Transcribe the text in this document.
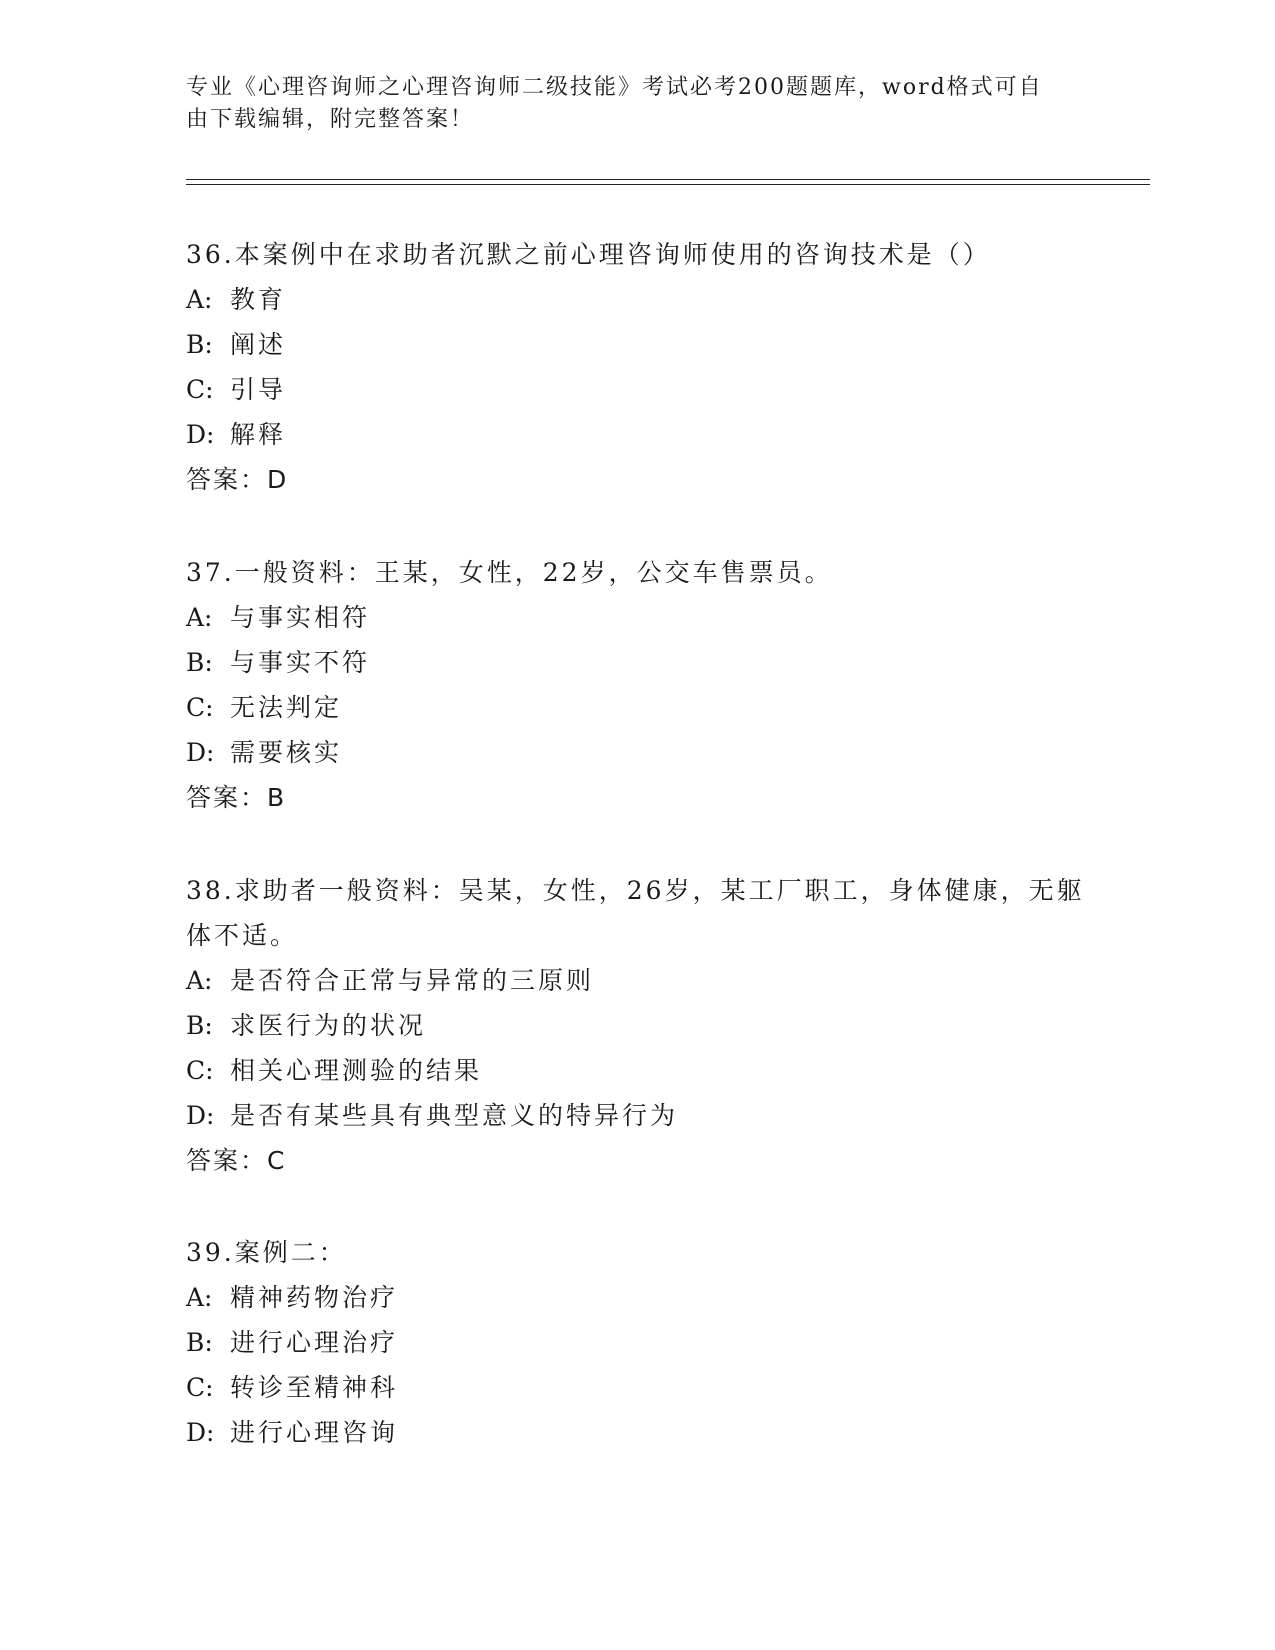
专业《心理咨询师之心理咨询师二级技能》考试必考200题题库，word格式可自
由下载编辑，附完整答案！
36.本案例中在求助者沉默之前心理咨询师使用的咨询技术是（）
A: 教育
B: 阐述
C: 引导
D: 解释
答案：D
37.一般资料：王某，女性，22岁，公交车售票员。
A: 与事实相符
B: 与事实不符
C: 无法判定
D: 需要核实
答案：B
38.求助者一般资料：吴某，女性，26岁，某工厂职工，身体健康，无躯体不适。
A: 是否符合正常与异常的三原则
B: 求医行为的状况
C: 相关心理测验的结果
D: 是否有某些具有典型意义的特异行为
答案：C
39.案例二：
A: 精神药物治疗
B: 进行心理治疗
C: 转诊至精神科
D: 进行心理咨询
